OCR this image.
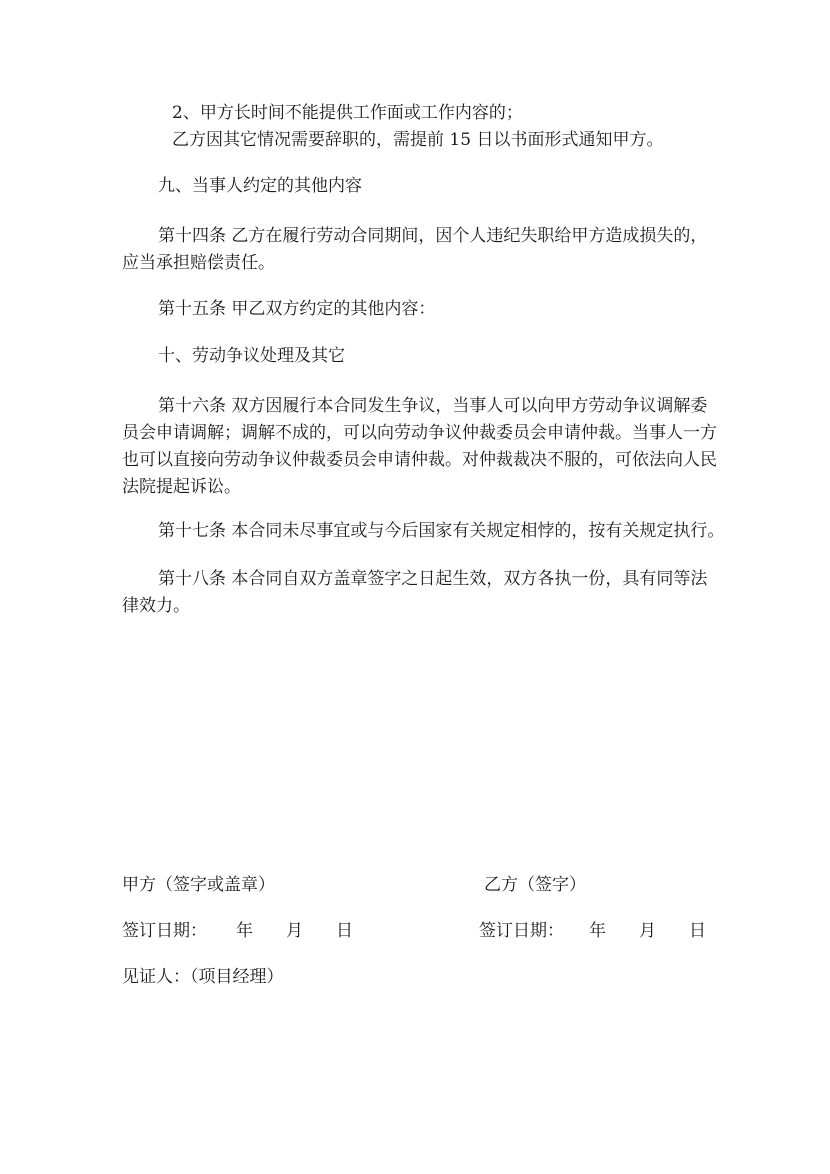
2、甲方长时间不能提供工作面或工作内容的；
乙方因其它情况需要辞职的，需提前 15 日以书面形式通知甲方。
九、当事人约定的其他内容
第十四条 乙方在履行劳动合同期间，因个人违纪失职给甲方造成损失的，
应当承担赔偿责任。
第十五条 甲乙双方约定的其他内容：
十、劳动争议处理及其它
第十六条 双方因履行本合同发生争议，当事人可以向甲方劳动争议调解委
员会申请调解；调解不成的，可以向劳动争议仲裁委员会申请仲裁。当事人一方
也可以直接向劳动争议仲裁委员会申请仲裁。对仲裁裁决不服的，可依法向人民
法院提起诉讼。
第十七条 本合同未尽事宜或与今后国家有关规定相悖的，按有关规定执行。
第十八条 本合同自双方盖章签字之日起生效，双方各执一份，具有同等法
律效力。
甲方（签字或盖章）	乙方（签字）
签订日期： 年 月 日	签订日期： 年 月 日
见证人：（项目经理）
